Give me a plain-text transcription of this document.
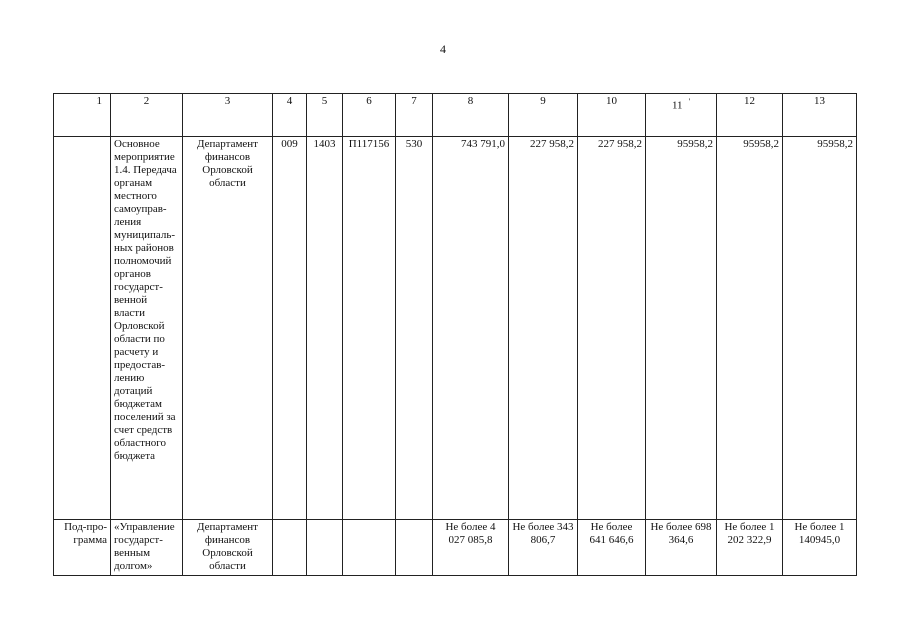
4
1	2	3	4	5	6	7	8	9	10	11 '	12	13
	Основное мероприятие 1.4. Передача органам местного самоуправ-ления муниципаль-ных районов полномочий органов государст-венной власти Орловской области по расчету и предостав-лению дотаций бюджетам поселений за счет средств областного бюджета	Департамент финансов Орловской области	009	1403	П117156	530	743 791,0	227 958,2	227 958,2	95958,2	95958,2	95958,2
Под-про-грамма	«Управление государст-венным долгом»	Департамент финансов Орловской области					Не более 4 027 085,8	Не более 343 806,7	Не более 641 646,6	Не более 698 364,6	Не более 1 202 322,9	Не более 1 140945,0
